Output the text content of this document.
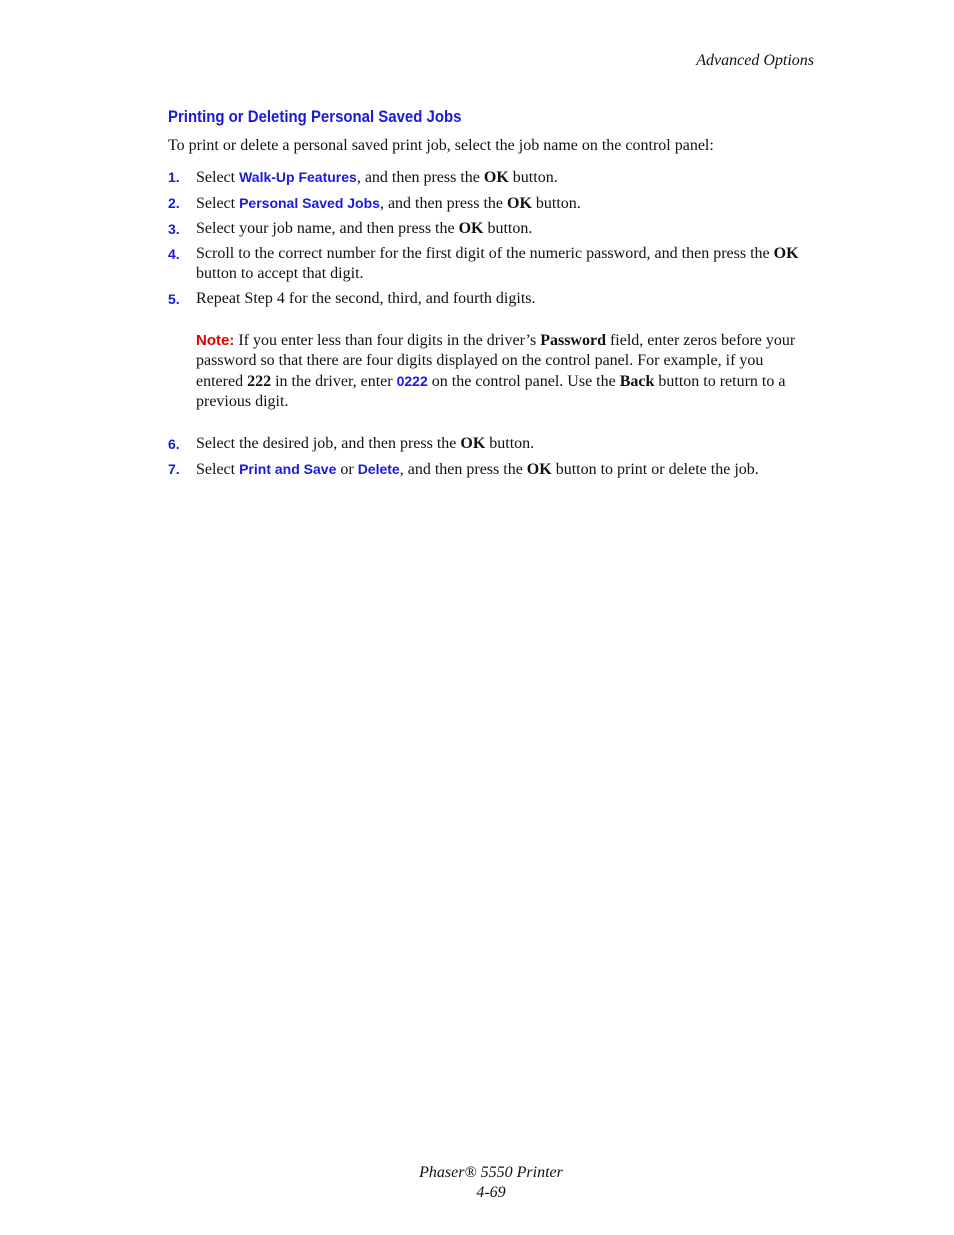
Advanced Options
Printing or Deleting Personal Saved Jobs

To print or delete a personal saved print job, select the job name on the control panel:

1. Select Walk-Up Features, and then press the OK button.
2. Select Personal Saved Jobs, and then press the OK button.
3. Select your job name, and then press the OK button.
4. Scroll to the correct number for the first digit of the numeric password, and then press the OK button to accept that digit.
5. Repeat Step 4 for the second, third, and fourth digits.
Note: If you enter less than four digits in the driver’s Password field, enter zeros before your password so that there are four digits displayed on the control panel. For example, if you entered 222 in the driver, enter 0222 on the control panel. Use the Back button to return to a previous digit.
6. Select the desired job, and then press the OK button.
7. Select Print and Save or Delete, and then press the OK button to print or delete the job.
Phaser® 5550 Printer
4-69
